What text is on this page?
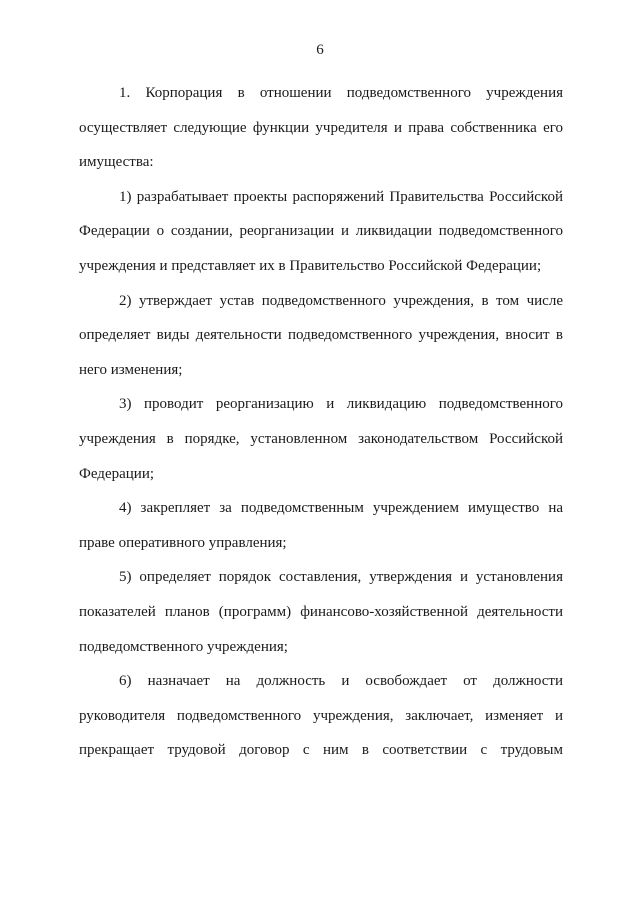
6

1. Корпорация в отношении подведомственного учреждения осуществляет следующие функции учредителя и права собственника его имущества:

1) разрабатывает проекты распоряжений Правительства Российской Федерации о создании, реорганизации и ликвидации подведомственного учреждения и представляет их в Правительство Российской Федерации;

2) утверждает устав подведомственного учреждения, в том числе определяет виды деятельности подведомственного учреждения, вносит в него изменения;

3) проводит реорганизацию и ликвидацию подведомственного учреждения в порядке, установленном законодательством Российской Федерации;

4) закрепляет за подведомственным учреждением имущество на праве оперативного управления;

5) определяет порядок составления, утверждения и установления показателей планов (программ) финансово-хозяйственной деятельности подведомственного учреждения;

6) назначает на должность и освобождает от должности руководителя подведомственного учреждения, заключает, изменяет и прекращает трудовой договор с ним в соответствии с трудовым
